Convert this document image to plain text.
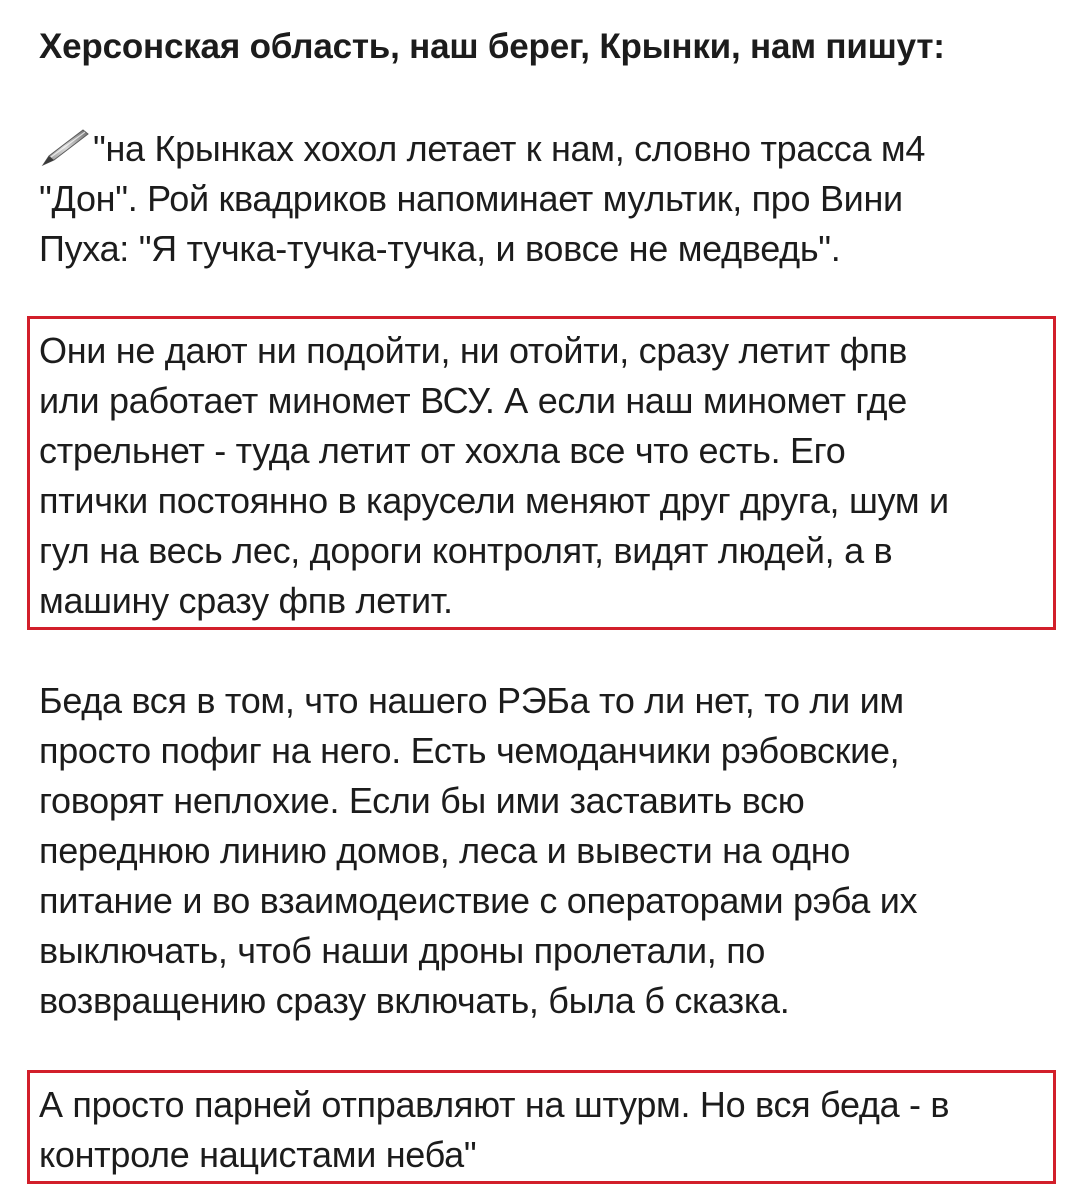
Херсонская область, наш берег, Крынки, нам пишут:
"на Крынках хохол летает к нам, словно трасса м4
"Дон". Рой квадриков напоминает мультик, про Вини
Пуха: "Я тучка-тучка-тучка, и вовсе не медведь".
Они не дают ни подойти, ни отойти, сразу летит фпв
или работает миномет ВСУ. А если наш миномет где
стрельнет - туда летит от хохла все что есть. Его
птички постоянно в карусели меняют друг друга, шум и
гул на весь лес, дороги контролят, видят людей, а в
машину сразу фпв летит.
Беда вся в том, что нашего РЭБа то ли нет, то ли им
просто пофиг на него. Есть чемоданчики рэбовские,
говорят неплохие. Если бы ими заставить всю
переднюю линию домов, леса и вывести на одно
питание и во взаимодеиствие с операторами рэба их
выключать, чтоб наши дроны пролетали, по
возвращению сразу включать, была б сказка.
А просто парней отправляют на штурм. Но вся беда - в
контроле нацистами неба"
